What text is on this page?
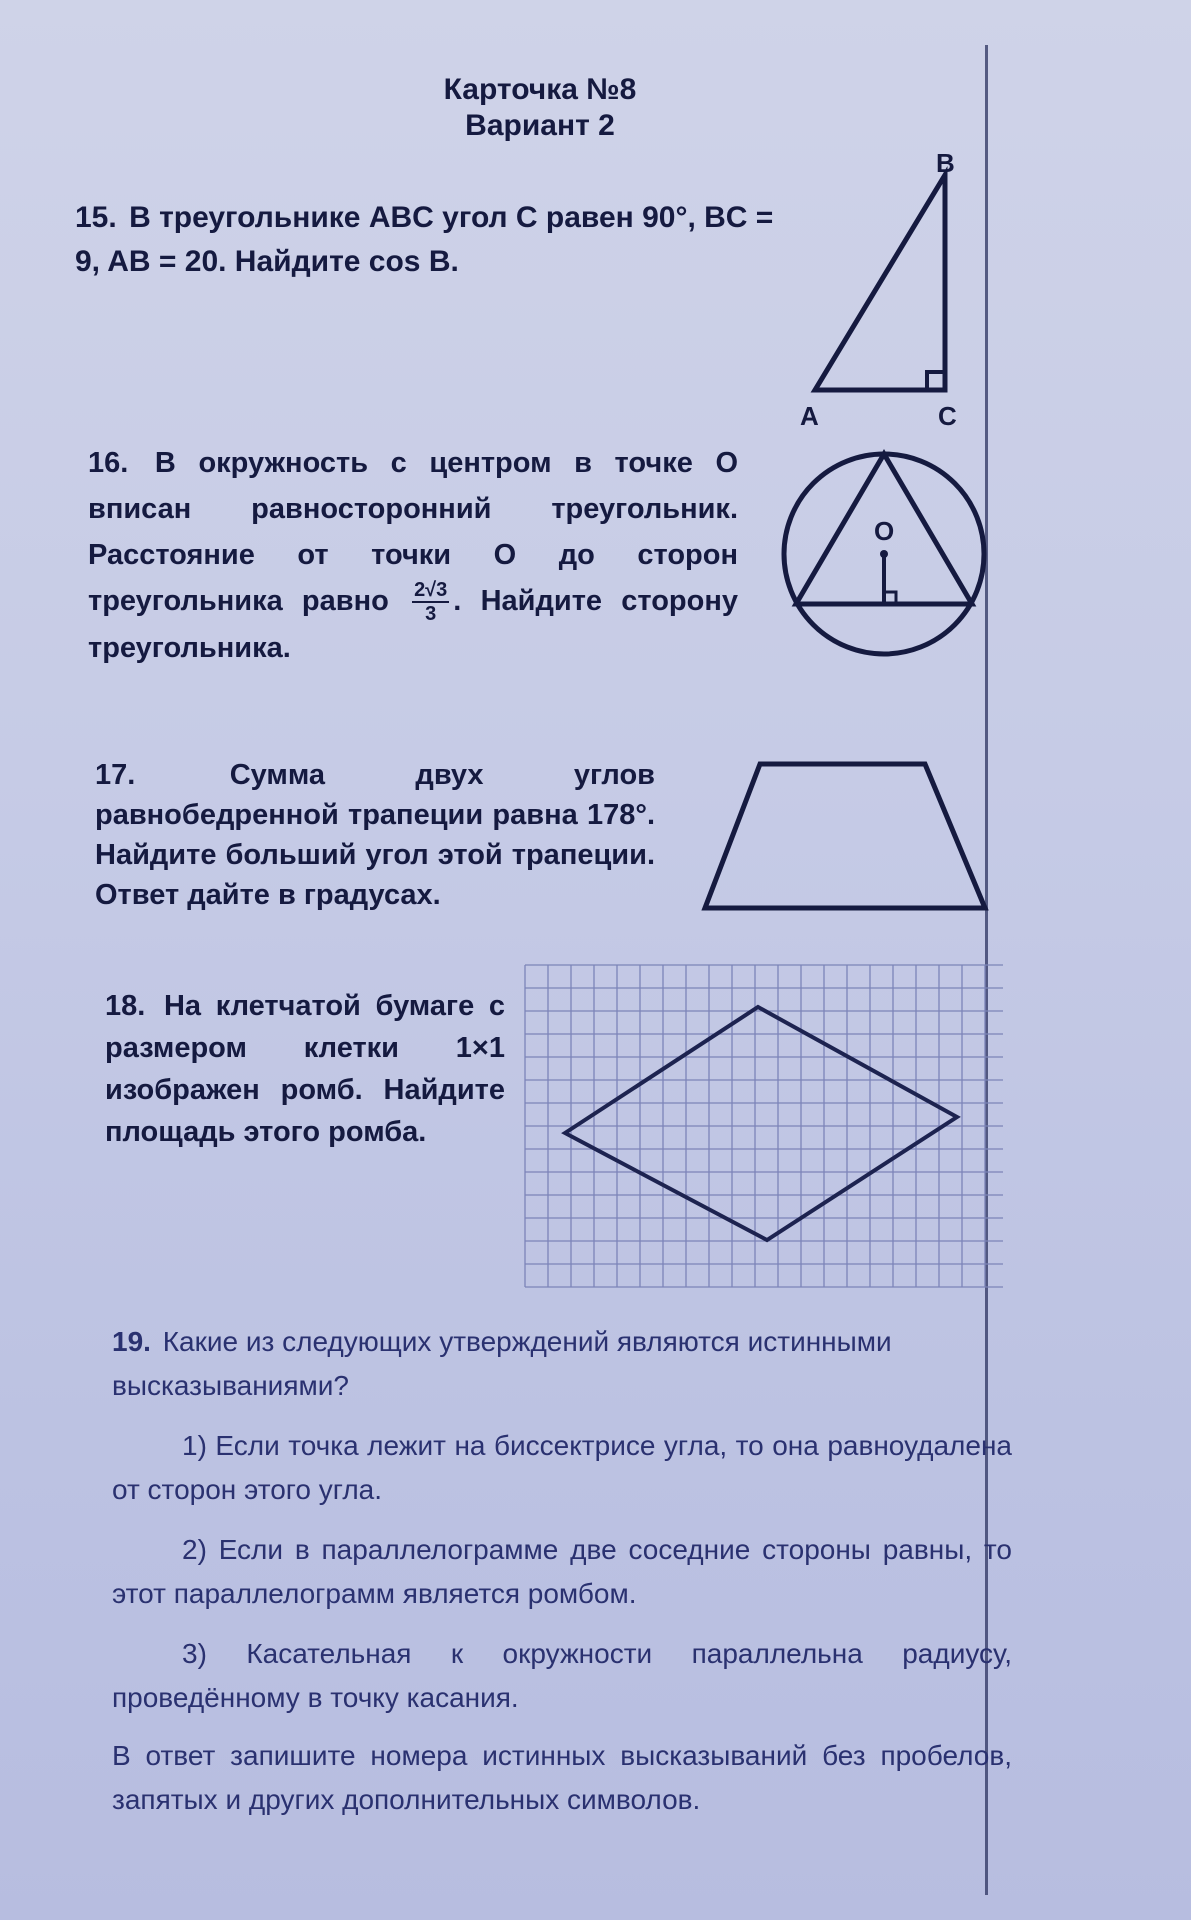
Карточка №8
Вариант 2
15. В треугольнике ABC угол C равен 90°, BC = 9, AB = 20. Найдите cos B.
B
A	C
16. В окружность с центром в точке O вписан равносторонний треугольник. Расстояние от точки O до сторон треугольника равно $\frac{2√3}{3}$ . Найдите сторону треугольника.
O
17.	Сумма двух углов равнобедренной трапеции равна 178°. Найдите больший угол этой трапеции. Ответ дайте в градусах.
18. На клетчатой бумаге с размером клетки 1×1 изображен ромб. Найдите площадь этого ромба.
19. Какие из следующих утверждений являются истинными высказываниями?

1) Если точка лежит на биссектрисе угла, то она равноудалена от сторон этого угла.

2) Если в параллелограмме две соседние стороны равны, то этот параллелограмм является ромбом.

3) Касательная к окружности параллельна радиусу, проведённому в точку касания.

В ответ запишите номера истинных высказываний без пробелов, запятых и других дополнительных символов.
